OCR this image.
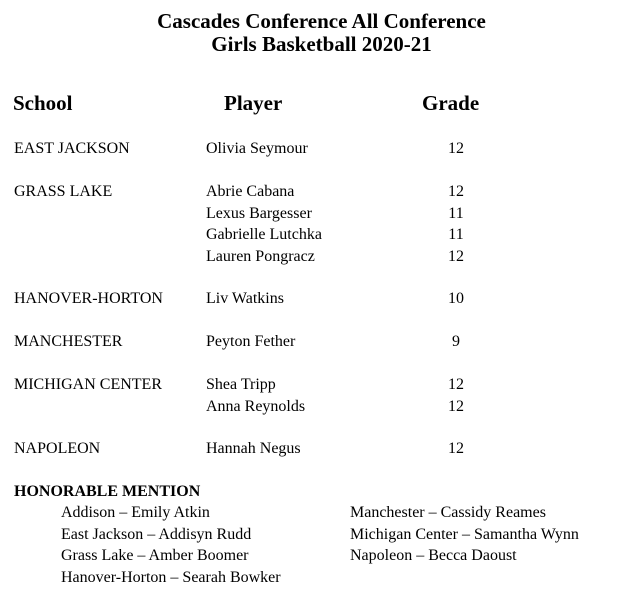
Cascades Conference All Conference
Girls Basketball 2020-21
School	Player	Grade
EAST JACKSON	Olivia Seymour	12
GRASS LAKE	Abrie Cabana	12
Lexus Bargesser	11
Gabrielle Lutchka	11
Lauren Pongracz	12
HANOVER-HORTON	Liv Watkins	10
MANCHESTER	Peyton Fether	9
MICHIGAN CENTER	Shea Tripp	12
Anna Reynolds	12
NAPOLEON	Hannah Negus	12
HONORABLE MENTION
Addison – Emily Atkin
East Jackson – Addisyn Rudd
Grass Lake – Amber Boomer
Hanover-Horton – Searah Bowker
Manchester – Cassidy Reames
Michigan Center – Samantha Wynn
Napoleon – Becca Daoust
